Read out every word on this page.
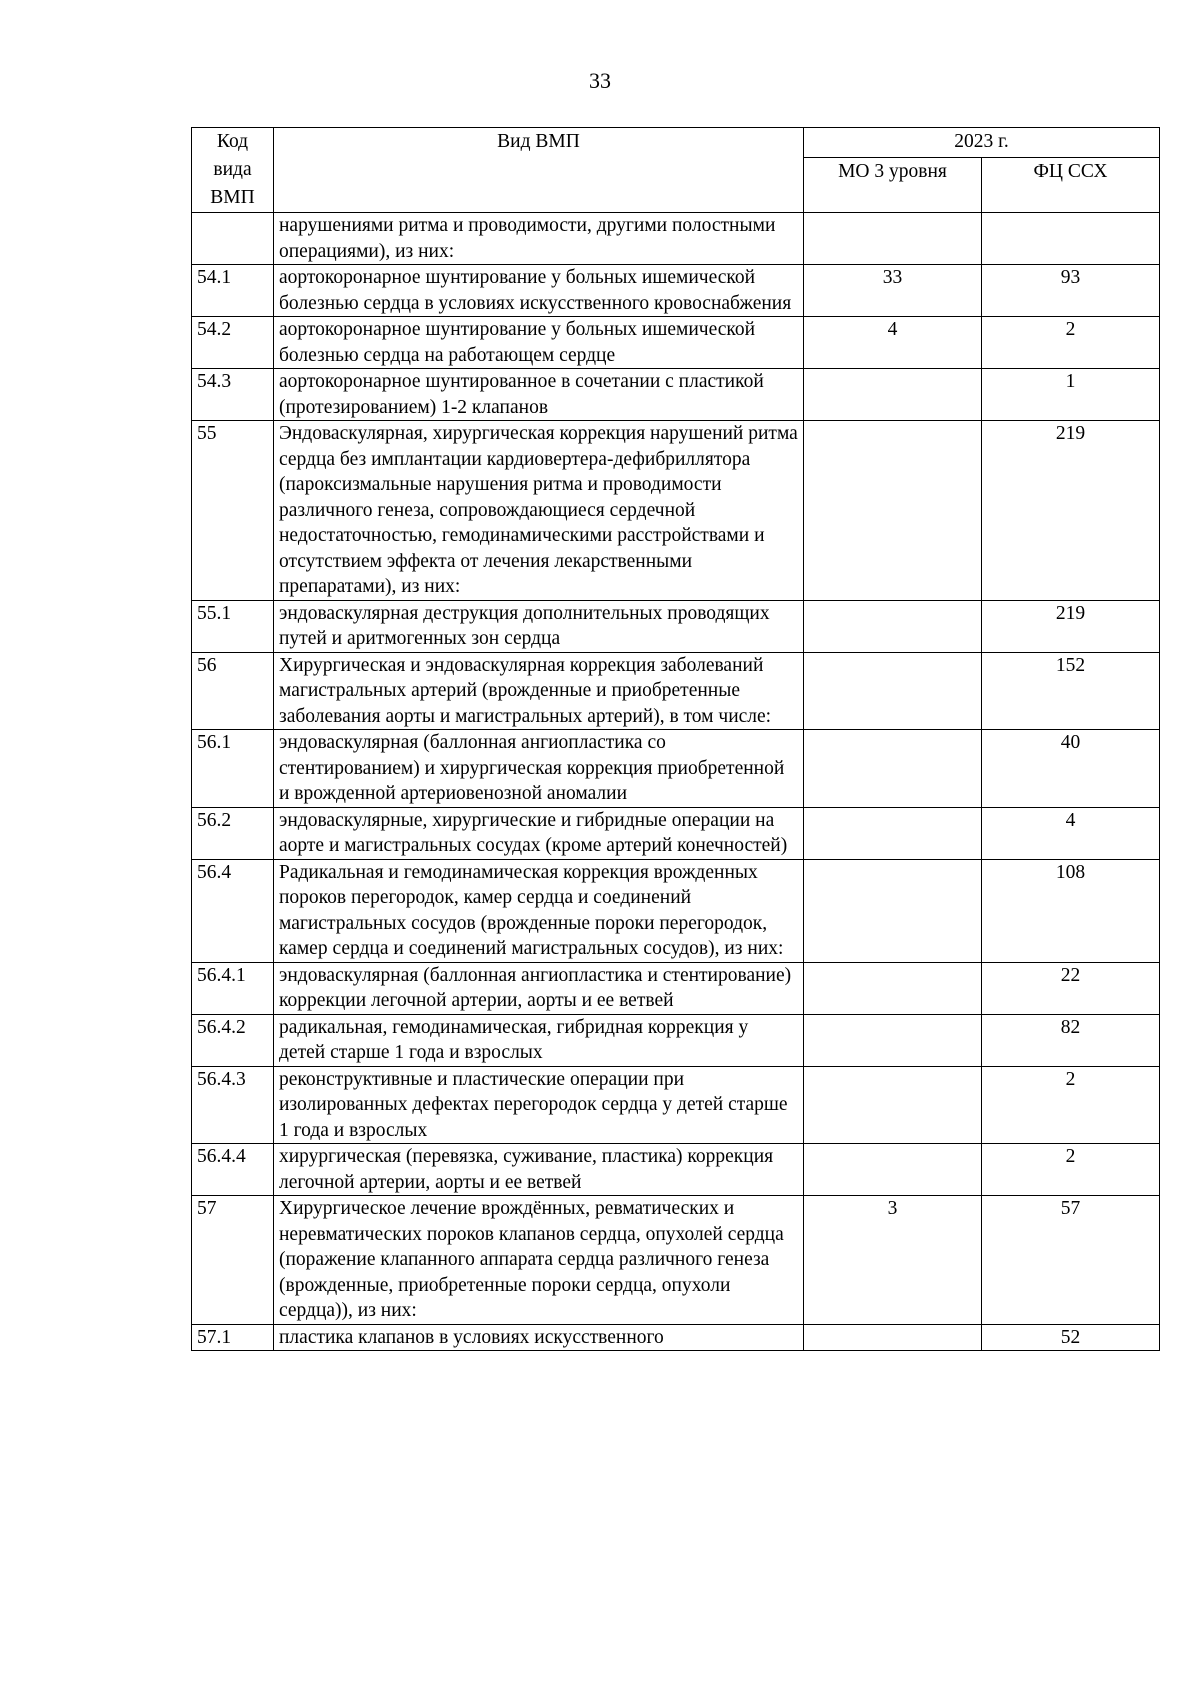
33
Код вида ВМП	Вид ВМП	2023 г.	
		МО 3 уровня	ФЦ ССХ
	нарушениями ритма и проводимости, другими полостными операциями), из них:		
54.1	аортокоронарное шунтирование у больных ишемической болезнью сердца в условиях искусственного кровоснабжения	33	93
54.2	аортокоронарное шунтирование у больных ишемической болезнью сердца на работающем сердце	4	2
54.3	аортокоронарное шунтированное в сочетании с пластикой (протезированием) 1-2 клапанов		1
55	Эндоваскулярная, хирургическая коррекция нарушений ритма сердца без имплантации кардиовертера-дефибриллятора (пароксизмальные нарушения ритма и проводимости различного генеза, сопровождающиеся сердечной недостаточностью, гемодинамическими расстройствами и отсутствием эффекта от лечения лекарственными препаратами), из них:		219
55.1	эндоваскулярная деструкция дополнительных проводящих путей и аритмогенных зон сердца		219
56	Хирургическая и эндоваскулярная коррекция заболеваний магистральных артерий (врожденные и приобретенные заболевания аорты и магистральных артерий), в том числе:		152
56.1	эндоваскулярная (баллонная ангиопластика со стентированием) и хирургическая коррекция приобретенной и врожденной артериовенозной аномалии		40
56.2	эндоваскулярные, хирургические и гибридные операции на аорте и магистральных сосудах (кроме артерий конечностей)		4
56.4	Радикальная и гемодинамическая коррекция врожденных пороков перегородок, камер сердца и соединений магистральных сосудов (врожденные пороки перегородок, камер сердца и соединений магистральных сосудов), из них:		108
56.4.1	эндоваскулярная (баллонная ангиопластика и стентирование) коррекции легочной артерии, аорты и ее ветвей		22
56.4.2	радикальная, гемодинамическая, гибридная коррекция у детей старше 1 года и взрослых		82
56.4.3	реконструктивные и пластические операции при изолированных дефектах перегородок сердца у детей старше 1 года и взрослых		2
56.4.4	хирургическая (перевязка, суживание, пластика) коррекция легочной артерии, аорты и ее ветвей		2
57	Хирургическое лечение врождённых, ревматических и неревматических пороков клапанов сердца, опухолей сердца (поражение клапанного аппарата сердца различного генеза (врожденные, приобретенные пороки сердца, опухоли сердца)), из них:	3	57
57.1	пластика клапанов в условиях искусственного		52
